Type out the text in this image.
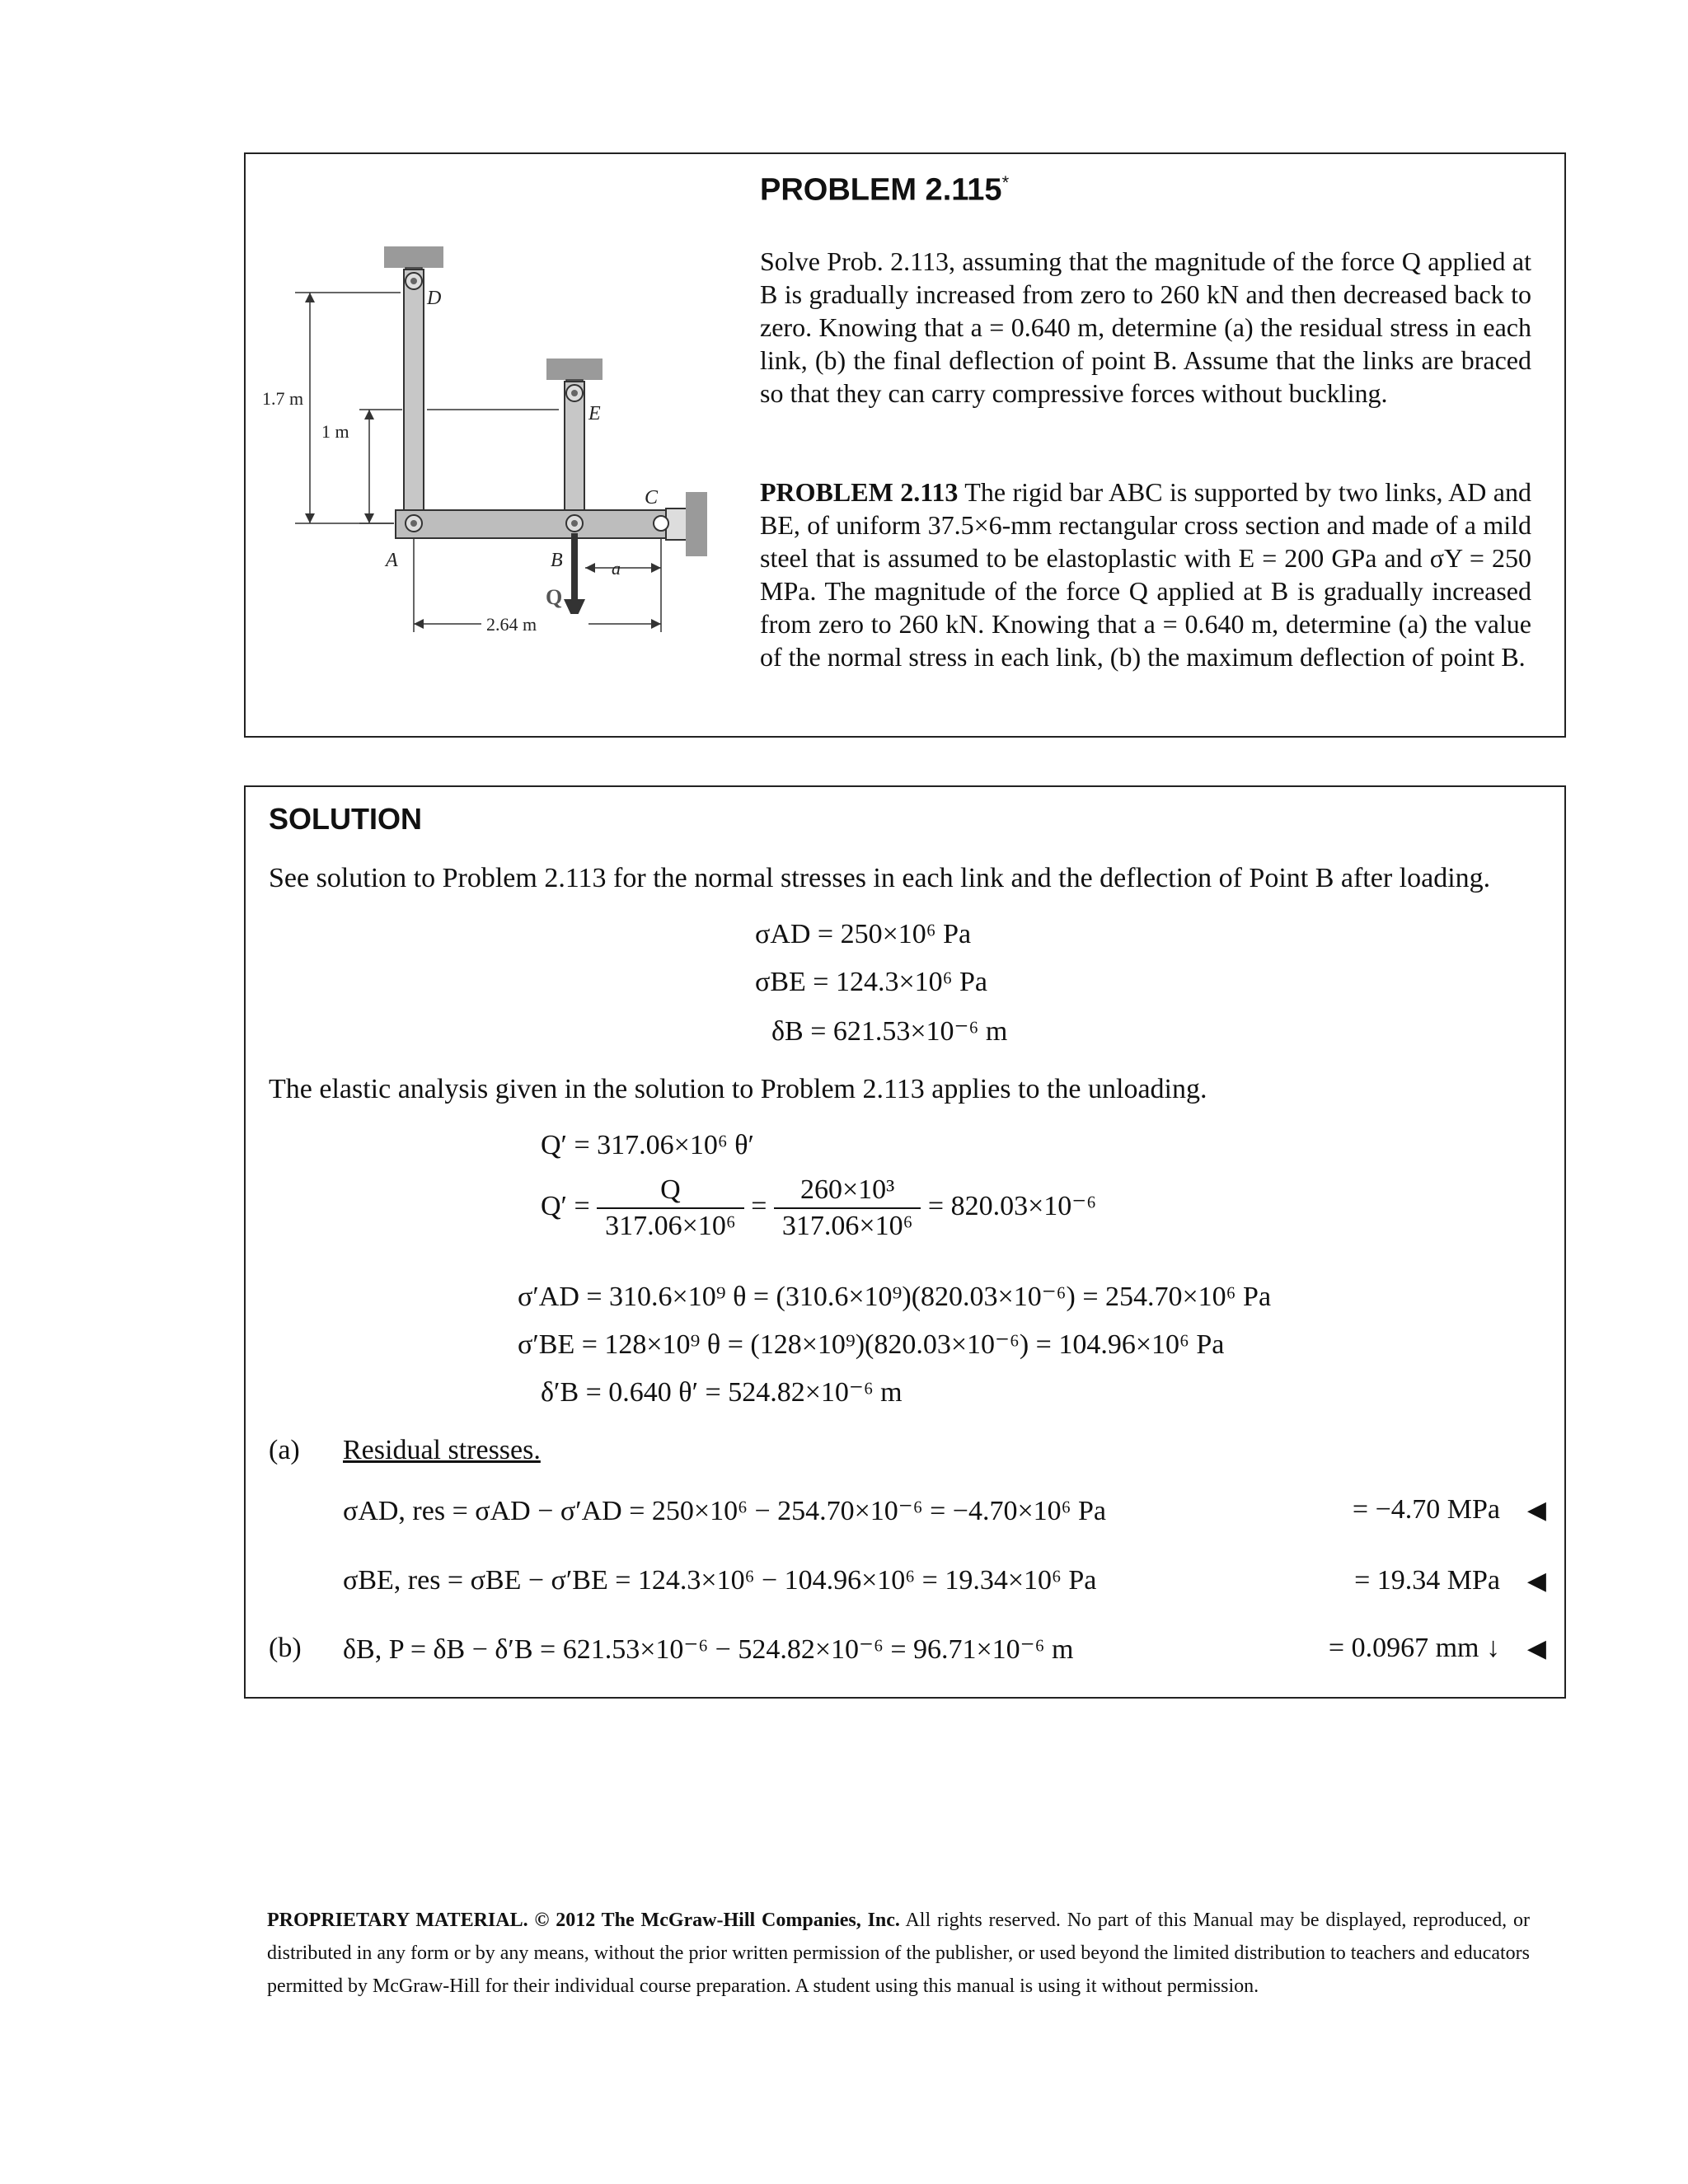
D
E
A	B
C
Q
1.7 m
1 m
a
2.64 m
PROBLEM 2.115*
Solve Prob. 2.113, assuming that the magnitude of the force Q applied at B is gradually increased from zero to 260 kN and then decreased back to zero. Knowing that a = 0.640 m, determine (a) the residual stress in each link, (b) the final deflection of point B. Assume that the links are braced so that they can carry compressive forces without buckling.
PROBLEM 2.113 The rigid bar ABC is supported by two links, AD and BE, of uniform 37.5×6-mm rectangular cross section and made of a mild steel that is assumed to be elastoplastic with E = 200 GPa and σY = 250 MPa. The magnitude of the force Q applied at B is gradually increased from zero to 260 kN. Knowing that a = 0.640 m, determine (a) the value of the normal stress in each link, (b) the maximum deflection of point B.
SOLUTION
See solution to Problem 2.113 for the normal stresses in each link and the deflection of Point B after loading.
σAD = 250×10⁶ Pa
σBE = 124.3×10⁶ Pa
δB = 621.53×10⁻⁶ m
The elastic analysis given in the solution to Problem 2.113 applies to the unloading.
Q′ = 317.06×10⁶ θ′
$Q' = \frac{Q}{\text{317.06×10⁶}} = \frac{\text{260×10³}}{\text{317.06×10⁶}} = 820.03\times 10^{-6}$
σ′AD = 310.6×10⁹ θ = (310.6×10⁹)(820.03×10⁻⁶) = 254.70×10⁶ Pa
σ′BE = 128×10⁹ θ = (128×10⁹)(820.03×10⁻⁶) = 104.96×10⁶ Pa
δ′B = 0.640 θ′ = 524.82×10⁻⁶ m
(a) Residual stresses.
σAD, res = σAD − σ′AD = 250×10⁶ − 254.70×10⁻⁶ = −4.70×10⁶ Pa	= −4.70 MPa ◀
σBE, res = σBE − σ′BE = 124.3×10⁶ − 104.96×10⁶ = 19.34×10⁶ Pa	= 19.34 MPa ◀
(b) δB, P = δB − δ′B = 621.53×10⁻⁶ − 524.82×10⁻⁶ = 96.71×10⁻⁶ m	= 0.0967 mm ↓ ◀
PROPRIETARY MATERIAL. © 2012 The McGraw-Hill Companies, Inc. All rights reserved. No part of this Manual may be displayed, reproduced, or distributed in any form or by any means, without the prior written permission of the publisher, or used beyond the limited distribution to teachers and educators permitted by McGraw-Hill for their individual course preparation. A student using this manual is using it without permission.
